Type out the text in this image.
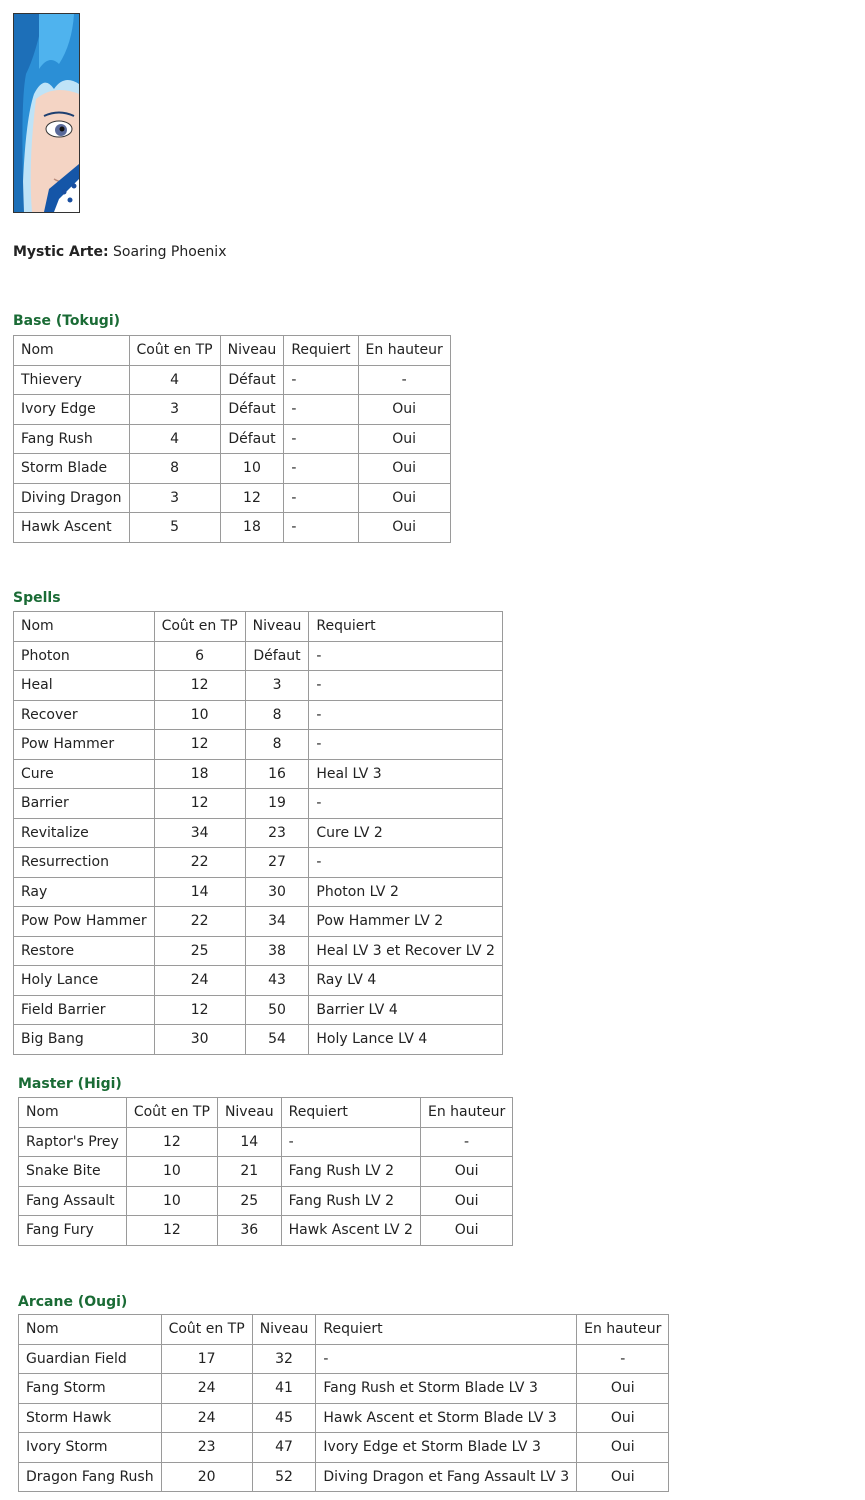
Mystic Arte: Soaring Phoenix

Base (Tokugi)
Nom	Coût en TP	Niveau	Requiert	En hauteur
Thievery	4	Défaut	-	-
Ivory Edge	3	Défaut	-	Oui
Fang Rush	4	Défaut	-	Oui
Storm Blade	8	10	-	Oui
Diving Dragon	3	12	-	Oui
Hawk Ascent	5	18	-	Oui
Spells
Nom	Coût en TP	Niveau	Requiert
Photon	6	Défaut	-
Heal	12	3	-
Recover	10	8	-
Pow Hammer	12	8	-
Cure	18	16	Heal LV 3
Barrier	12	19	-
Revitalize	34	23	Cure LV 2
Resurrection	22	27	-
Ray	14	30	Photon LV 2
Pow Pow Hammer	22	34	Pow Hammer LV 2
Restore	25	38	Heal LV 3 et Recover LV 2
Holy Lance	24	43	Ray LV 4
Field Barrier	12	50	Barrier LV 4
Big Bang	30	54	Holy Lance LV 4
Master (Higi)
Nom	Coût en TP	Niveau	Requiert	En hauteur
Raptor's Prey	12	14	-	-
Snake Bite	10	21	Fang Rush LV 2	Oui
Fang Assault	10	25	Fang Rush LV 2	Oui
Fang Fury	12	36	Hawk Ascent LV 2	Oui
Arcane (Ougi)
Nom	Coût en TP	Niveau	Requiert	En hauteur
Guardian Field	17	32	-	-
Fang Storm	24	41	Fang Rush et Storm Blade LV 3	Oui
Storm Hawk	24	45	Hawk Ascent et Storm Blade LV 3	Oui
Ivory Storm	23	47	Ivory Edge et Storm Blade LV 3	Oui
Dragon Fang Rush	20	52	Diving Dragon et Fang Assault LV 3	Oui
